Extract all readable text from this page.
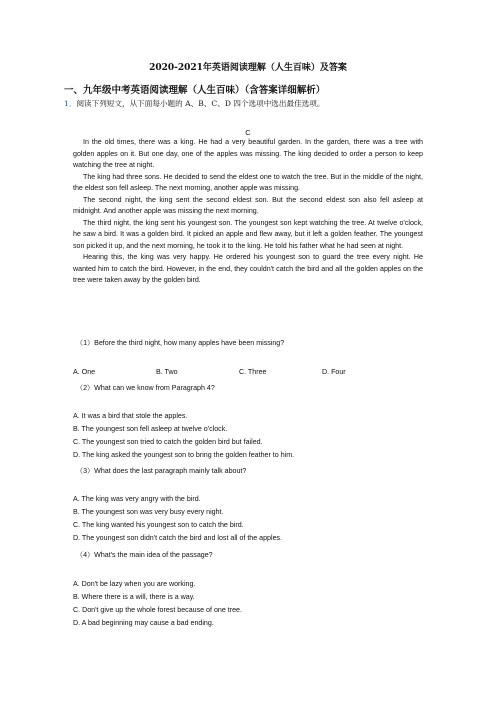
2020-2021年英语阅读理解（人生百味）及答案
一、九年级中考英语阅读理解（人生百味）（含答案详细解析）
1．阅读下列短文，从下面每小题的 A、B、C、D 四个选项中选出最佳选项。
C

In the old times, there was a king. He had a very beautiful garden. In the garden, there was a tree with golden apples on it. But one day, one of the apples was missing. The king decided to order a person to keep watching the tree at night.

The king had three sons. He decided to send the eldest one to watch the tree. But in the middle of the night, the eldest son fell asleep. The next morning, another apple was missing.

The second night, the king sent the second eldest son. But the second eldest son also fell asleep at midnight. And another apple was missing the next morning.

The third night, the king sent his youngest son. The youngest son kept watching the tree. At twelve o'clock, he saw a bird. It was a golden bird. It picked an apple and flew away, but it left a golden feather. The youngest son picked it up, and the next morning, he took it to the king. He told his father what he had seen at night.

Hearing this, the king was very happy. He ordered his youngest son to guard the tree every night. He wanted him to catch the bird. However, in the end, they couldn't catch the bird and all the golden apples on the tree were taken away by the golden bird.

（1）Before the third night, how many apples have been missing?
A. One	B. Two	C. Three	D. Four
（2）What can we know from Paragraph 4?
A. It was a bird that stole the apples.
B. The youngest son fell asleep at twelve o'clock.
C. The youngest son tried to catch the golden bird but failed.
D. The king asked the youngest son to bring the golden feather to him.
（3）What does the last paragraph mainly talk about?
A. The king was very angry with the bird.
B. The youngest son was very busy every night.
C. The king wanted his youngest son to catch the bird.
D. The youngest son didn't catch the bird and lost all of the apples.
（4）What's the main idea of the passage?
A. Don't be lazy when you are working.
B. Where there is a will, there is a way.
C. Don't give up the whole forest because of one tree.
D. A bad beginning may cause a bad ending.
